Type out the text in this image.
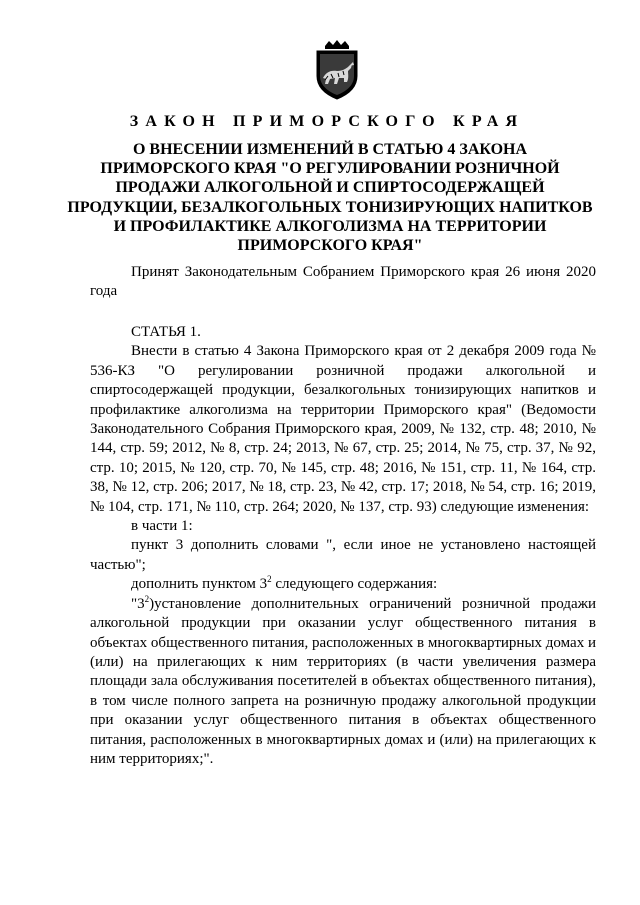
ЗАКОН ПРИМОРСКОГО КРАЯ
О ВНЕСЕНИИ ИЗМЕНЕНИЙ В СТАТЬЮ 4 ЗАКОНА
ПРИМОРСКОГО КРАЯ "О РЕГУЛИРОВАНИИ РОЗНИЧНОЙ
ПРОДАЖИ АЛКОГОЛЬНОЙ И СПИРТОСОДЕРЖАЩЕЙ
ПРОДУКЦИИ, БЕЗАЛКОГОЛЬНЫХ ТОНИЗИРУЮЩИХ НАПИТКОВ
И ПРОФИЛАКТИКЕ АЛКОГОЛИЗМА НА ТЕРРИТОРИИ
ПРИМОРСКОГО КРАЯ"

Принят Законодательным Собранием Приморского края 26 июня 2020 года

СТАТЬЯ 1.

Внести в статью 4 Закона Приморского края от 2 декабря 2009 года № 536-КЗ "О регулировании розничной продажи алкогольной и спиртосодержащей продукции, безалкогольных тонизирующих напитков и профилактике алкоголизма на территории Приморского края" (Ведомости Законодательного Собрания Приморского края, 2009, № 132, стр. 48; 2010, № 144, стр. 59; 2012, № 8, стр. 24; 2013, № 67, стр. 25; 2014, № 75, стр. 37, № 92, стр. 10; 2015, № 120, стр. 70, № 145, стр. 48; 2016, № 151, стр. 11, № 164, стр. 38, № 12, стр. 206; 2017, № 18, стр. 23, № 42, стр. 17; 2018, № 54, стр. 16; 2019, № 104, стр. 171, № 110, стр. 264; 2020, № 137, стр. 93) следующие изменения:

в части 1:

пункт 3 дополнить словами ", если иное не установлено настоящей частью";

дополнить пунктом $3^2$ следующего содержания:

"$3^2)установление$ дополнительных ограничений розничной продажи алкогольной продукции при оказании услуг общественного питания в объектах общественного питания, расположенных в многоквартирных домах и (или) на прилегающих к ним территориях (в части увеличения размера площади зала обслуживания посетителей в объектах общественного питания), в том числе полного запрета на розничную продажу алкогольной продукции при оказании услуг общественного питания в объектах общественного питания, расположенных в многоквартирных домах и (или) на прилегающих к ним территориях;".
